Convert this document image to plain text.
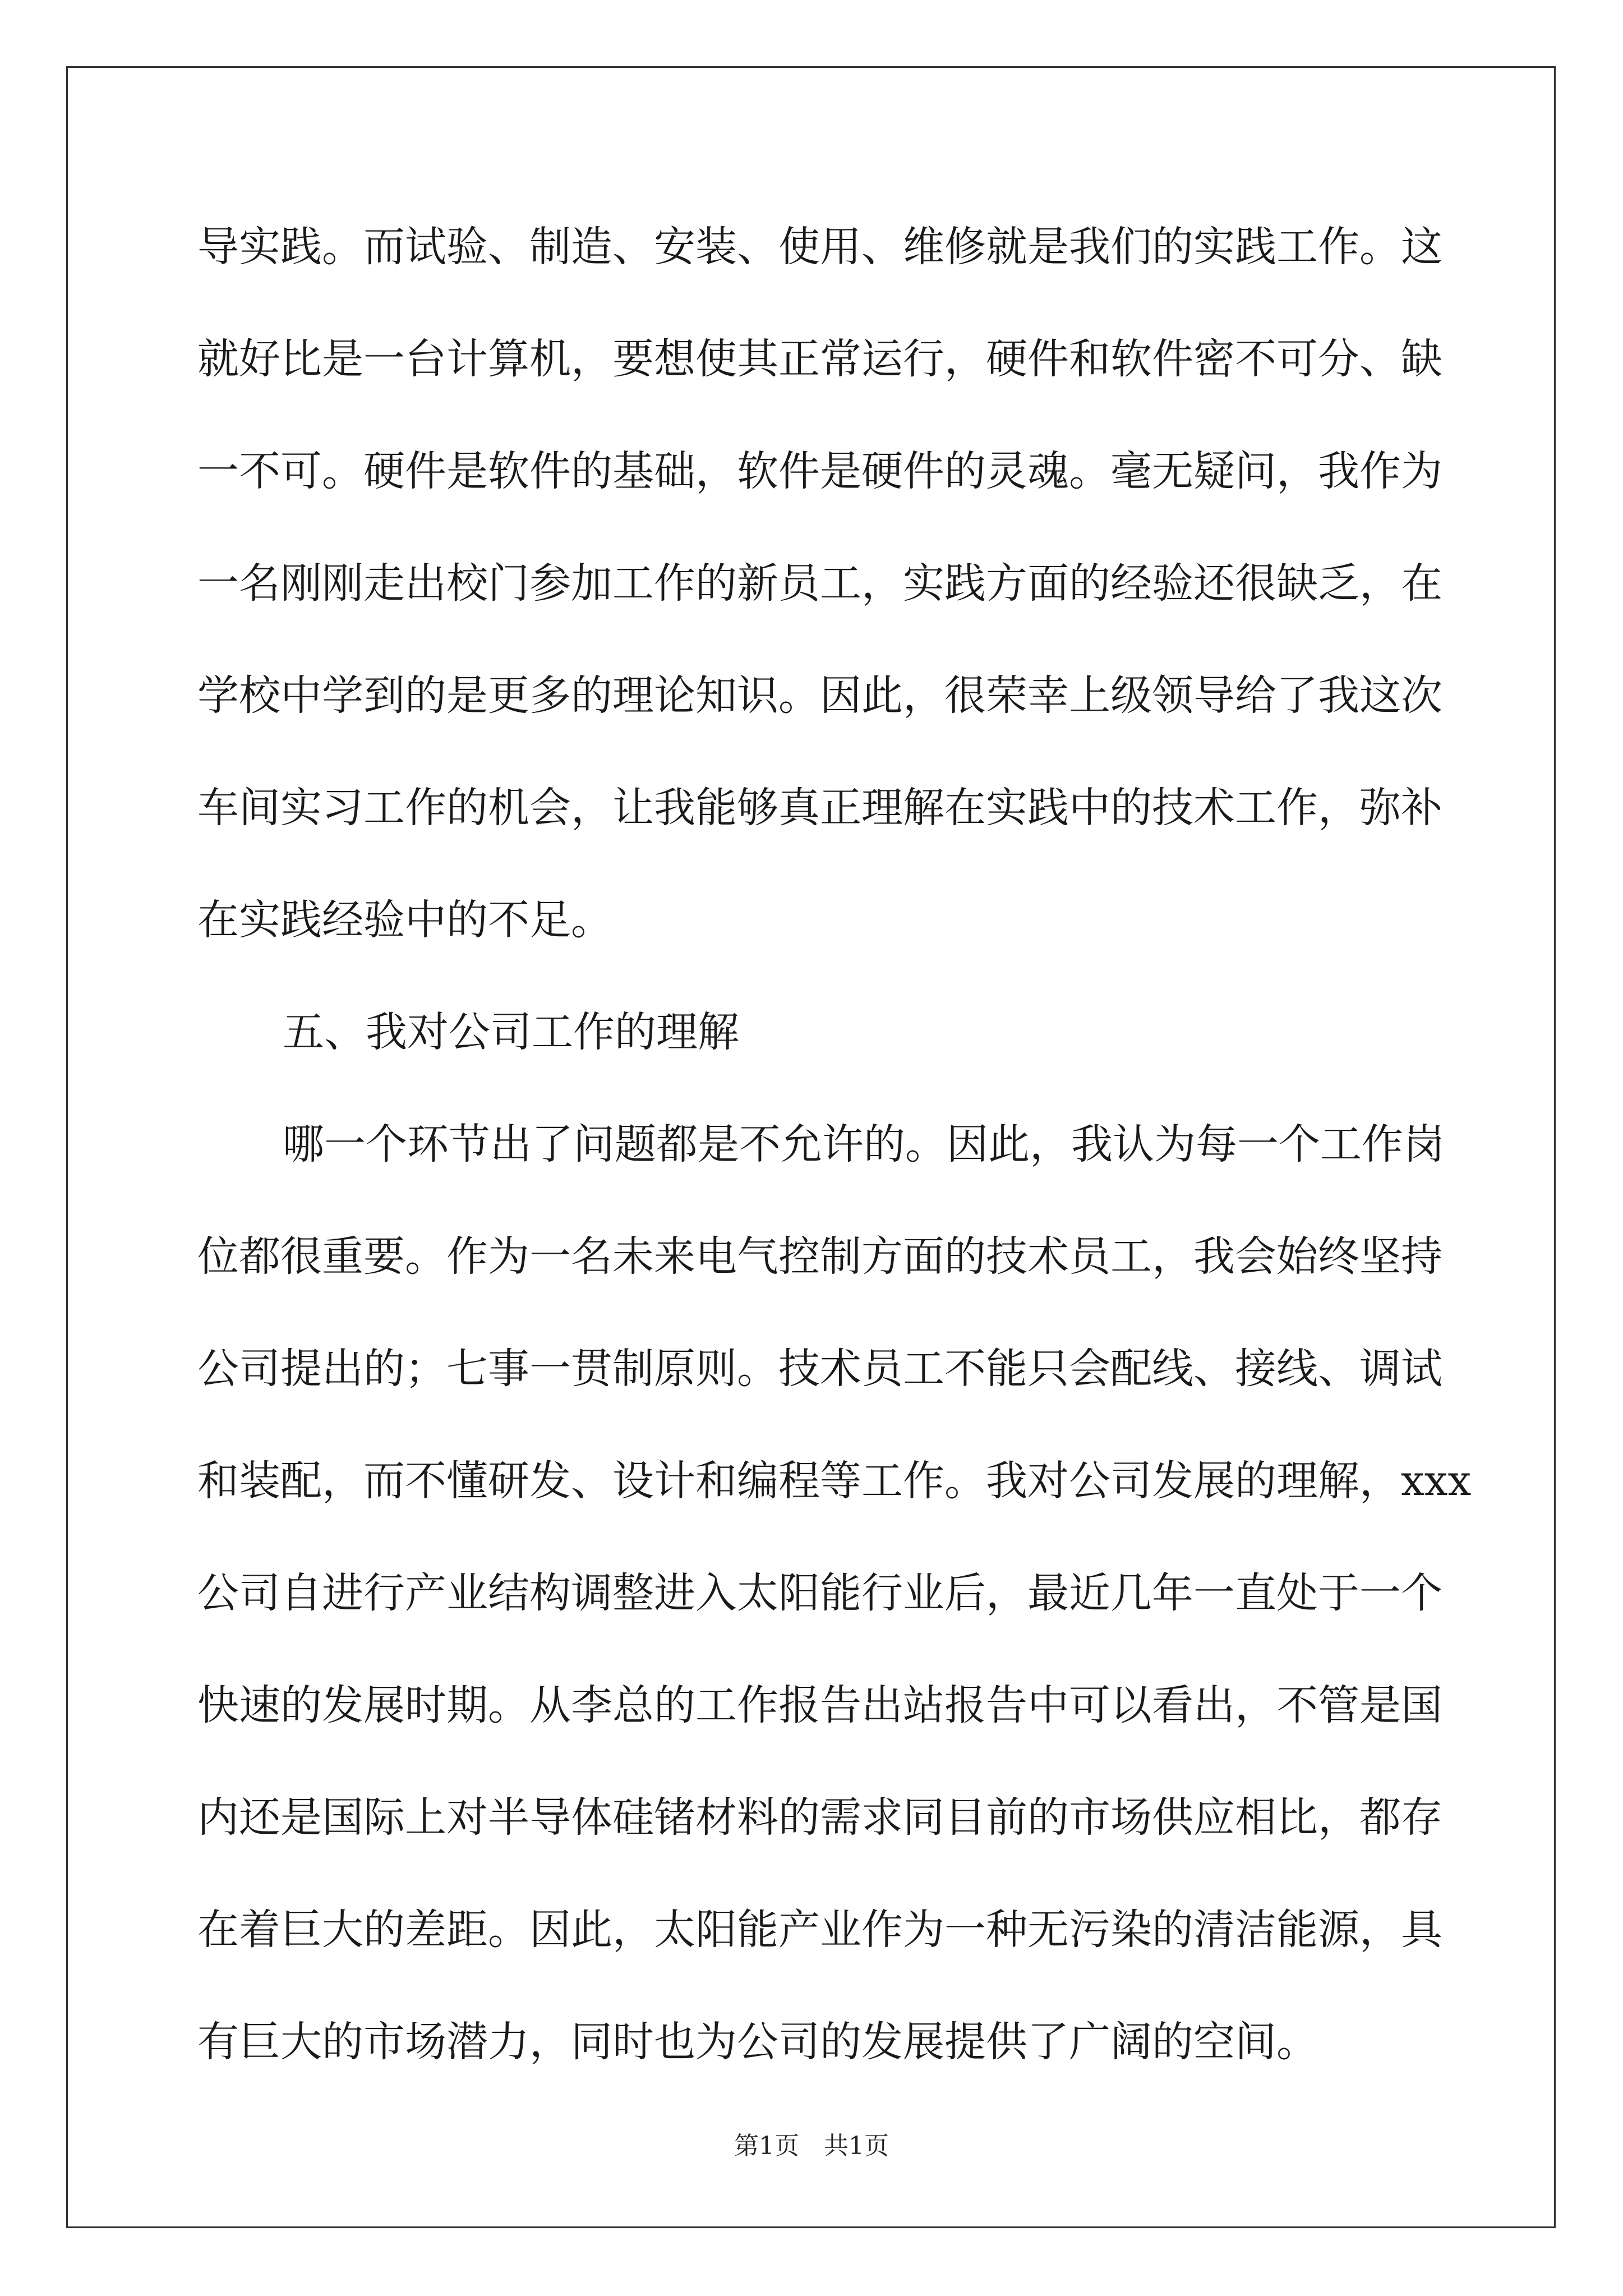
导实践。而试验、制造、安装、使用、维修就是我们的实践工作。这
就好比是一台计算机，要想使其正常运行，硬件和软件密不可分、缺
一不可。硬件是软件的基础，软件是硬件的灵魂。毫无疑问，我作为
一名刚刚走出校门参加工作的新员工，实践方面的经验还很缺乏，在
学校中学到的是更多的理论知识。因此，很荣幸上级领导给了我这次
车间实习工作的机会，让我能够真正理解在实践中的技术工作，弥补
在实践经验中的不足。
五、我对公司工作的理解
哪一个环节出了问题都是不允许的。因此，我认为每一个工作岗
位都很重要。作为一名未来电气控制方面的技术员工，我会始终坚持
公司提出的；七事一贯制原则。技术员工不能只会配线、接线、调试
和装配，而不懂研发、设计和编程等工作。我对公司发展的理解，xxx
公司自进行产业结构调整进入太阳能行业后，最近几年一直处于一个
快速的发展时期。从李总的工作报告出站报告中可以看出，不管是国
内还是国际上对半导体硅锗材料的需求同目前的市场供应相比，都存
在着巨大的差距。因此，太阳能产业作为一种无污染的清洁能源，具
有巨大的市场潜力，同时也为公司的发展提供了广阔的空间。
第1页　共1页
